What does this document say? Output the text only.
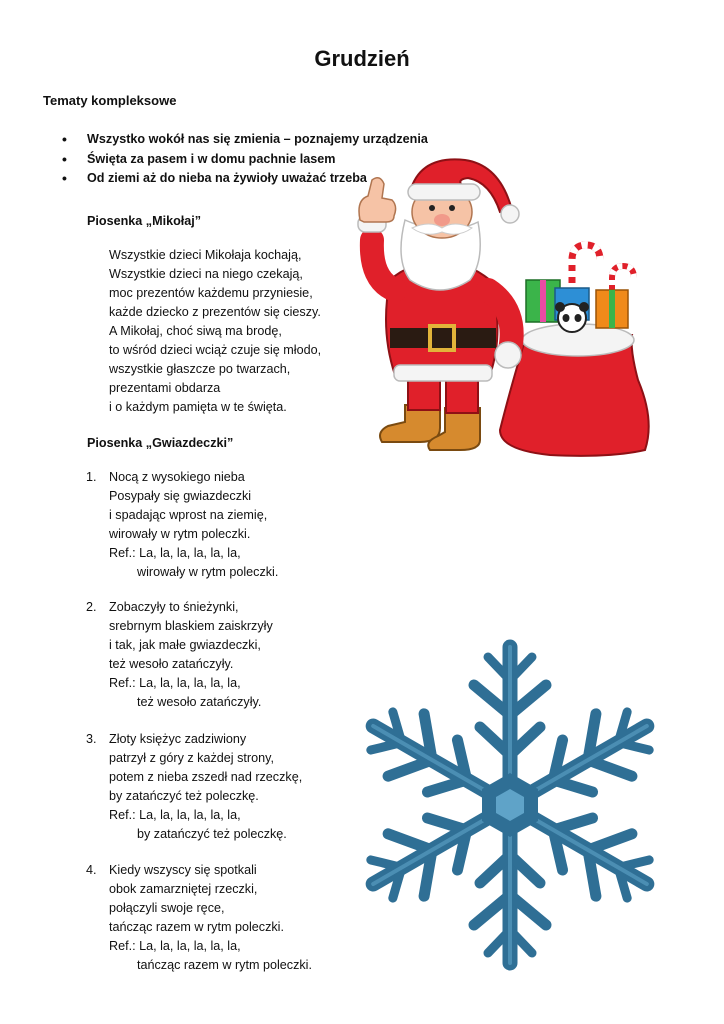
Grudzień
Tematy kompleksowe
• Wszystko wokół nas się zmienia – poznajemy urządzenia
• Święta za pasem i w domu pachnie lasem
• Od ziemi aż do nieba na żywioły uważać trzeba
Piosenka „Mikołaj”
Wszystkie dzieci Mikołaja kochają,
Wszystkie dzieci na niego czekają,
moc prezentów każdemu przyniesie,
każde dziecko z prezentów się cieszy.
A Mikołaj, choć siwą ma brodę,
to wśród dzieci wciąż czuje się młodo,
wszystkie głaszcze po twarzach,
prezentami obdarza
i o każdym pamięta w te święta.
Piosenka „Gwiazdeczki”
1. Nocą z wysokiego nieba
Posypały się gwiazdeczki
i spadając wprost na ziemię,
wirowały w rytm poleczki.
Ref.: La, la, la, la, la, la,
wirowały w rytm poleczki.
2. Zobaczyły to śnieżynki,
srebrnym blaskiem zaiskrzyły
i tak, jak małe gwiazdeczki,
też wesoło zatańczyły.
Ref.: La, la, la, la, la, la,
też wesoło zatańczyły.
3. Złoty księżyc zadziwiony
patrzył z góry z każdej strony,
potem z nieba zszedł nad rzeczkę,
by zatańczyć też poleczkę.
Ref.: La, la, la, la, la, la,
by zatańczyć też poleczkę.
4. Kiedy wszyscy się spotkali
obok zamarzniętej rzeczki,
połączyli swoje ręce,
tańcząc razem w rytm poleczki.
Ref.: La, la, la, la, la, la,
tańcząc razem w rytm poleczki.
